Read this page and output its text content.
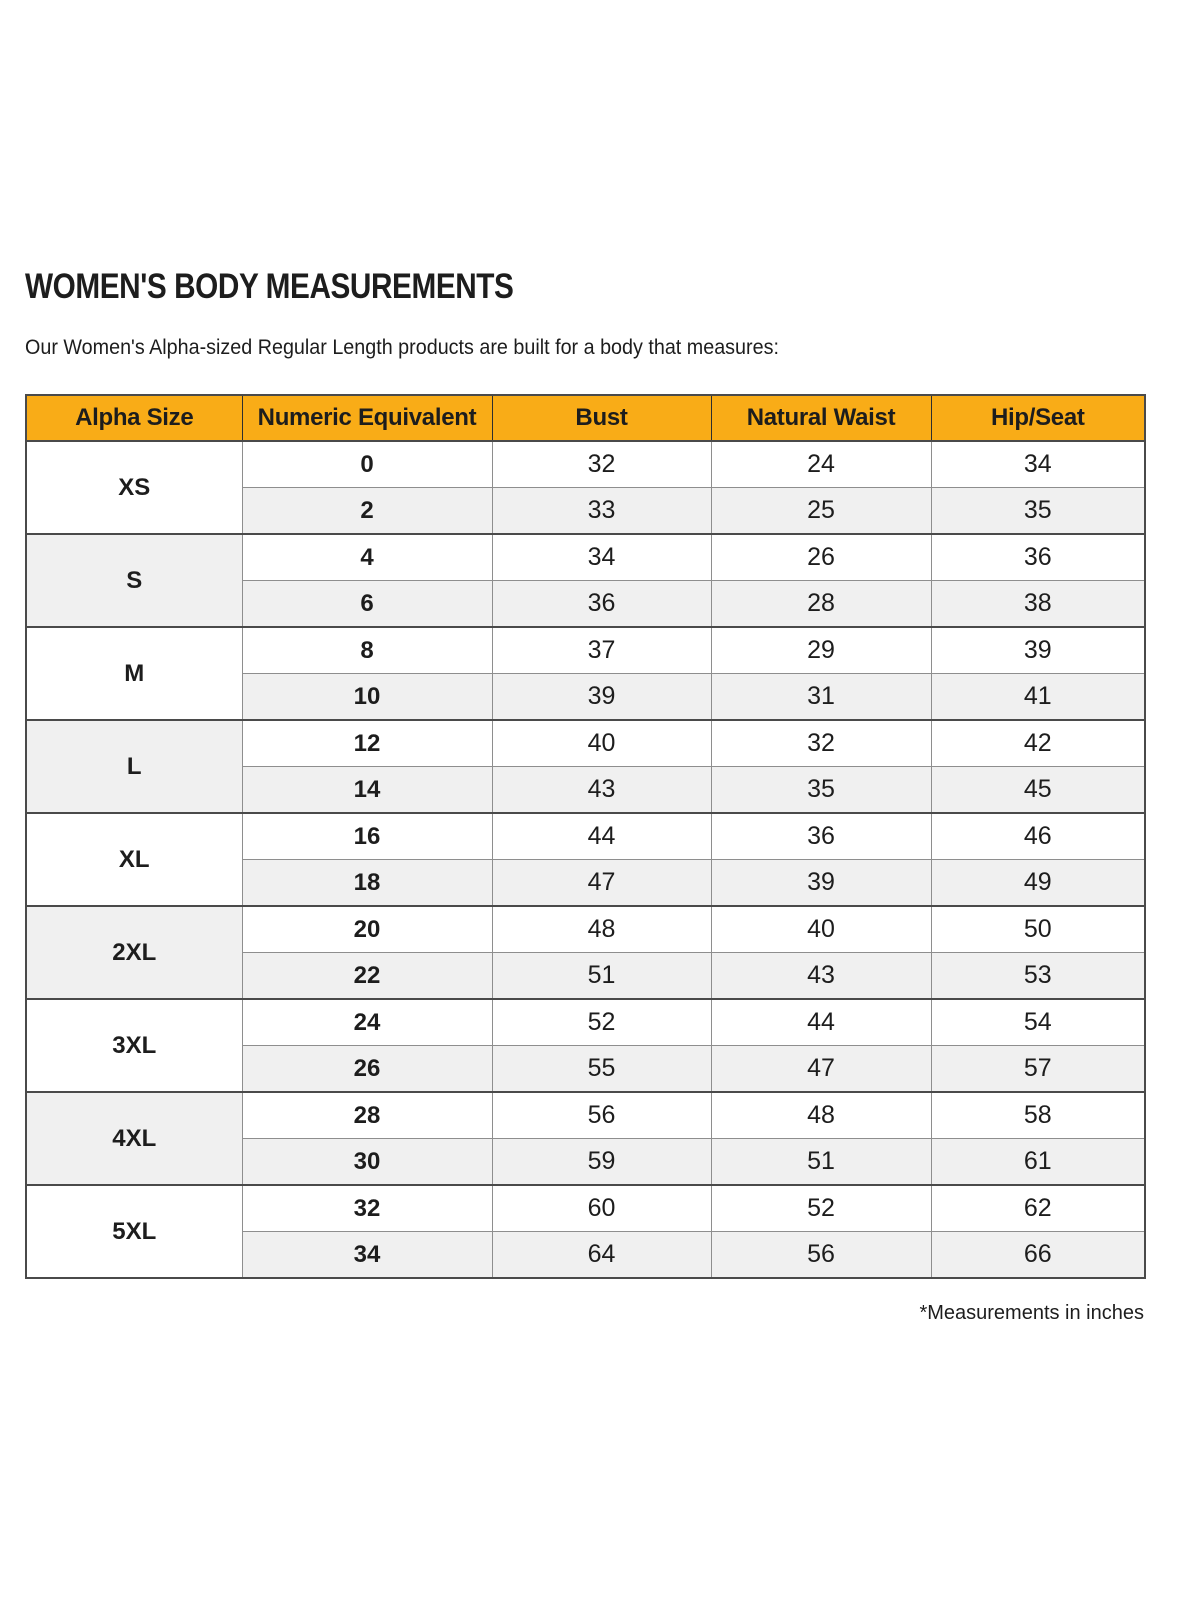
WOMEN'S BODY MEASUREMENTS

Our Women's Alpha-sized Regular Length products are built for a body that measures:

Alpha Size	Numeric Equivalent	Bust	Natural Waist	Hip/Seat
XS	0	32	24	34
	2	33	25	35
S	4	34	26	36
	6	36	28	38
M	8	37	29	39
	10	39	31	41
L	12	40	32	42
	14	43	35	45
XL	16	44	36	46
	18	47	39	49
2XL	20	48	40	50
	22	51	43	53
3XL	24	52	44	54
	26	55	47	57
4XL	28	56	48	58
	30	59	51	61
5XL	32	60	52	62
	34	64	56	66

*Measurements in inches
